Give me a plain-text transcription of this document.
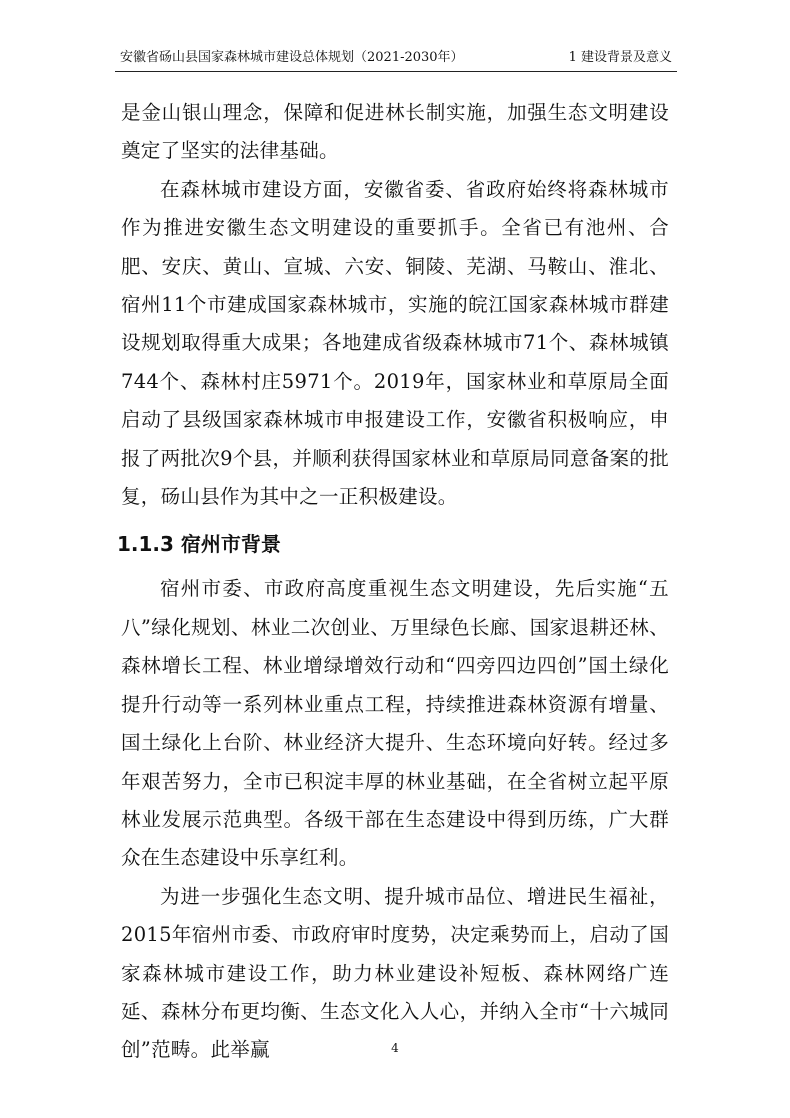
安徽省砀山县国家森林城市建设总体规划（2021-2030年）	1 建设背景及意义

是金山银山理念，保障和促进林长制实施，加强生态文明建设奠定了坚实的法律基础。

在森林城市建设方面，安徽省委、省政府始终将森林城市作为推进安徽生态文明建设的重要抓手。全省已有池州、合肥、安庆、黄山、宣城、六安、铜陵、芜湖、马鞍山、淮北、宿州11个市建成国家森林城市，实施的皖江国家森林城市群建设规划取得重大成果；各地建成省级森林城市71个、森林城镇744个、森林村庄5971个。2019年，国家林业和草原局全面启动了县级国家森林城市申报建设工作，安徽省积极响应，申报了两批次9个县，并顺利获得国家林业和草原局同意备案的批复，砀山县作为其中之一正积极建设。

1.1.3 宿州市背景

宿州市委、市政府高度重视生态文明建设，先后实施“五八”绿化规划、林业二次创业、万里绿色长廊、国家退耕还林、森林增长工程、林业增绿增效行动和“四旁四边四创”国土绿化提升行动等一系列林业重点工程，持续推进森林资源有增量、国土绿化上台阶、林业经济大提升、生态环境向好转。经过多年艰苦努力，全市已积淀丰厚的林业基础，在全省树立起平原林业发展示范典型。各级干部在生态建设中得到历练，广大群众在生态建设中乐享红利。

为进一步强化生态文明、提升城市品位、增进民生福祉，2015年宿州市委、市政府审时度势，决定乘势而上，启动了国家森林城市建设工作，助力林业建设补短板、森林网络广连延、森林分布更均衡、生态文化入人心，并纳入全市“十六城同创”范畴。此举赢	4
